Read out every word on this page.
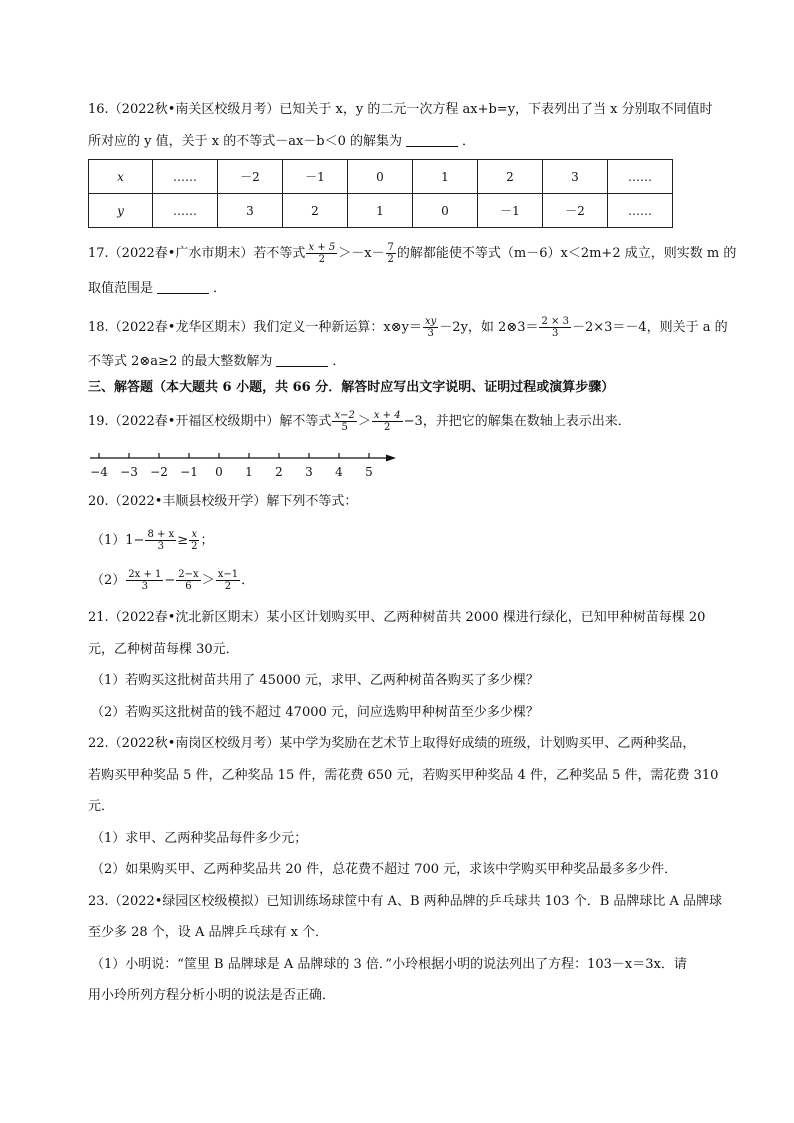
16.（2022秋•南关区校级月考）已知关于 x，y 的二元一次方程 ax+b=y，下表列出了当 x 分别取不同值时
所对应的 y 值，关于 x 的不等式－ax－b＜0 的解集为	．
x	……	－2	－1	0	1	2	3	……
y	……	3	2	1	0	－1	－2	……
17.（2022春•广水市期末）若不等式 $\frac{x + 5}{2} >-x- \frac{7}{2}$ 的解都能使不等式（m－6）x＜2m+2 成立，则实数 m 的
取值范围是	．
18.（2022春•龙华区期末）我们定义一种新运算：x⊗y＝ $\frac{xy}{3} -2y$，如 2⊗3＝ $\frac{2 \times 3}{3} -2\times 3=-4$，则关于 a 的
不等式 2⊗a≥2 的最大整数解为	．
三、解答题（本大题共 6 小题，共 66 分．解答时应写出文字说明、证明过程或演算步骤）
19.（2022春•开福区校级期中）解不等式 $\frac{x-2}{5} > \frac{x + 4}{2} -3$，并把它的解集在数轴上表示出来．
−4	−3	−2	−1	0	1	2	3	4	5
20.（2022•丰顺县校级开学）解下列不等式：
$(1)1- \frac{8 + x}{3} \ge \frac{x}{2}$ ；
$(2) \frac{2x + 1}{3} - \frac{2-x}{6} > \frac{x-1}{2}$ ．
21.（2022春•沈北新区期末）某小区计划购买甲、乙两种树苗共 2000 棵进行绿化，已知甲种树苗每棵 20
元，乙种树苗每棵 30元．
（1）若购买这批树苗共用了 45000 元，求甲、乙两种树苗各购买了多少棵？
（2）若购买这批树苗的钱不超过 47000 元，问应选购甲种树苗至少多少棵？
22.（2022秋•南岗区校级月考）某中学为奖励在艺术节上取得好成绩的班级，计划购买甲、乙两种奖品，
若购买甲种奖品 5 件，乙种奖品 15 件，需花费 650 元，若购买甲种奖品 4 件，乙种奖品 5 件，需花费 310
元．
（1）求甲、乙两种奖品每件多少元；
（2）如果购买甲、乙两种奖品共 20 件，总花费不超过 700 元，求该中学购买甲种奖品最多多少件．
23.（2022•绿园区校级模拟）已知训练场球筐中有 A、B 两种品牌的乒乓球共 103 个．B 品牌球比 A 品牌球
至少多 28 个，设 A 品牌乒乓球有 x 个．
（1）小明说：“筐里 B 品牌球是 A 品牌球的 3 倍．”小玲根据小明的说法列出了方程：103－x＝3x．请
用小玲所列方程分析小明的说法是否正确．
